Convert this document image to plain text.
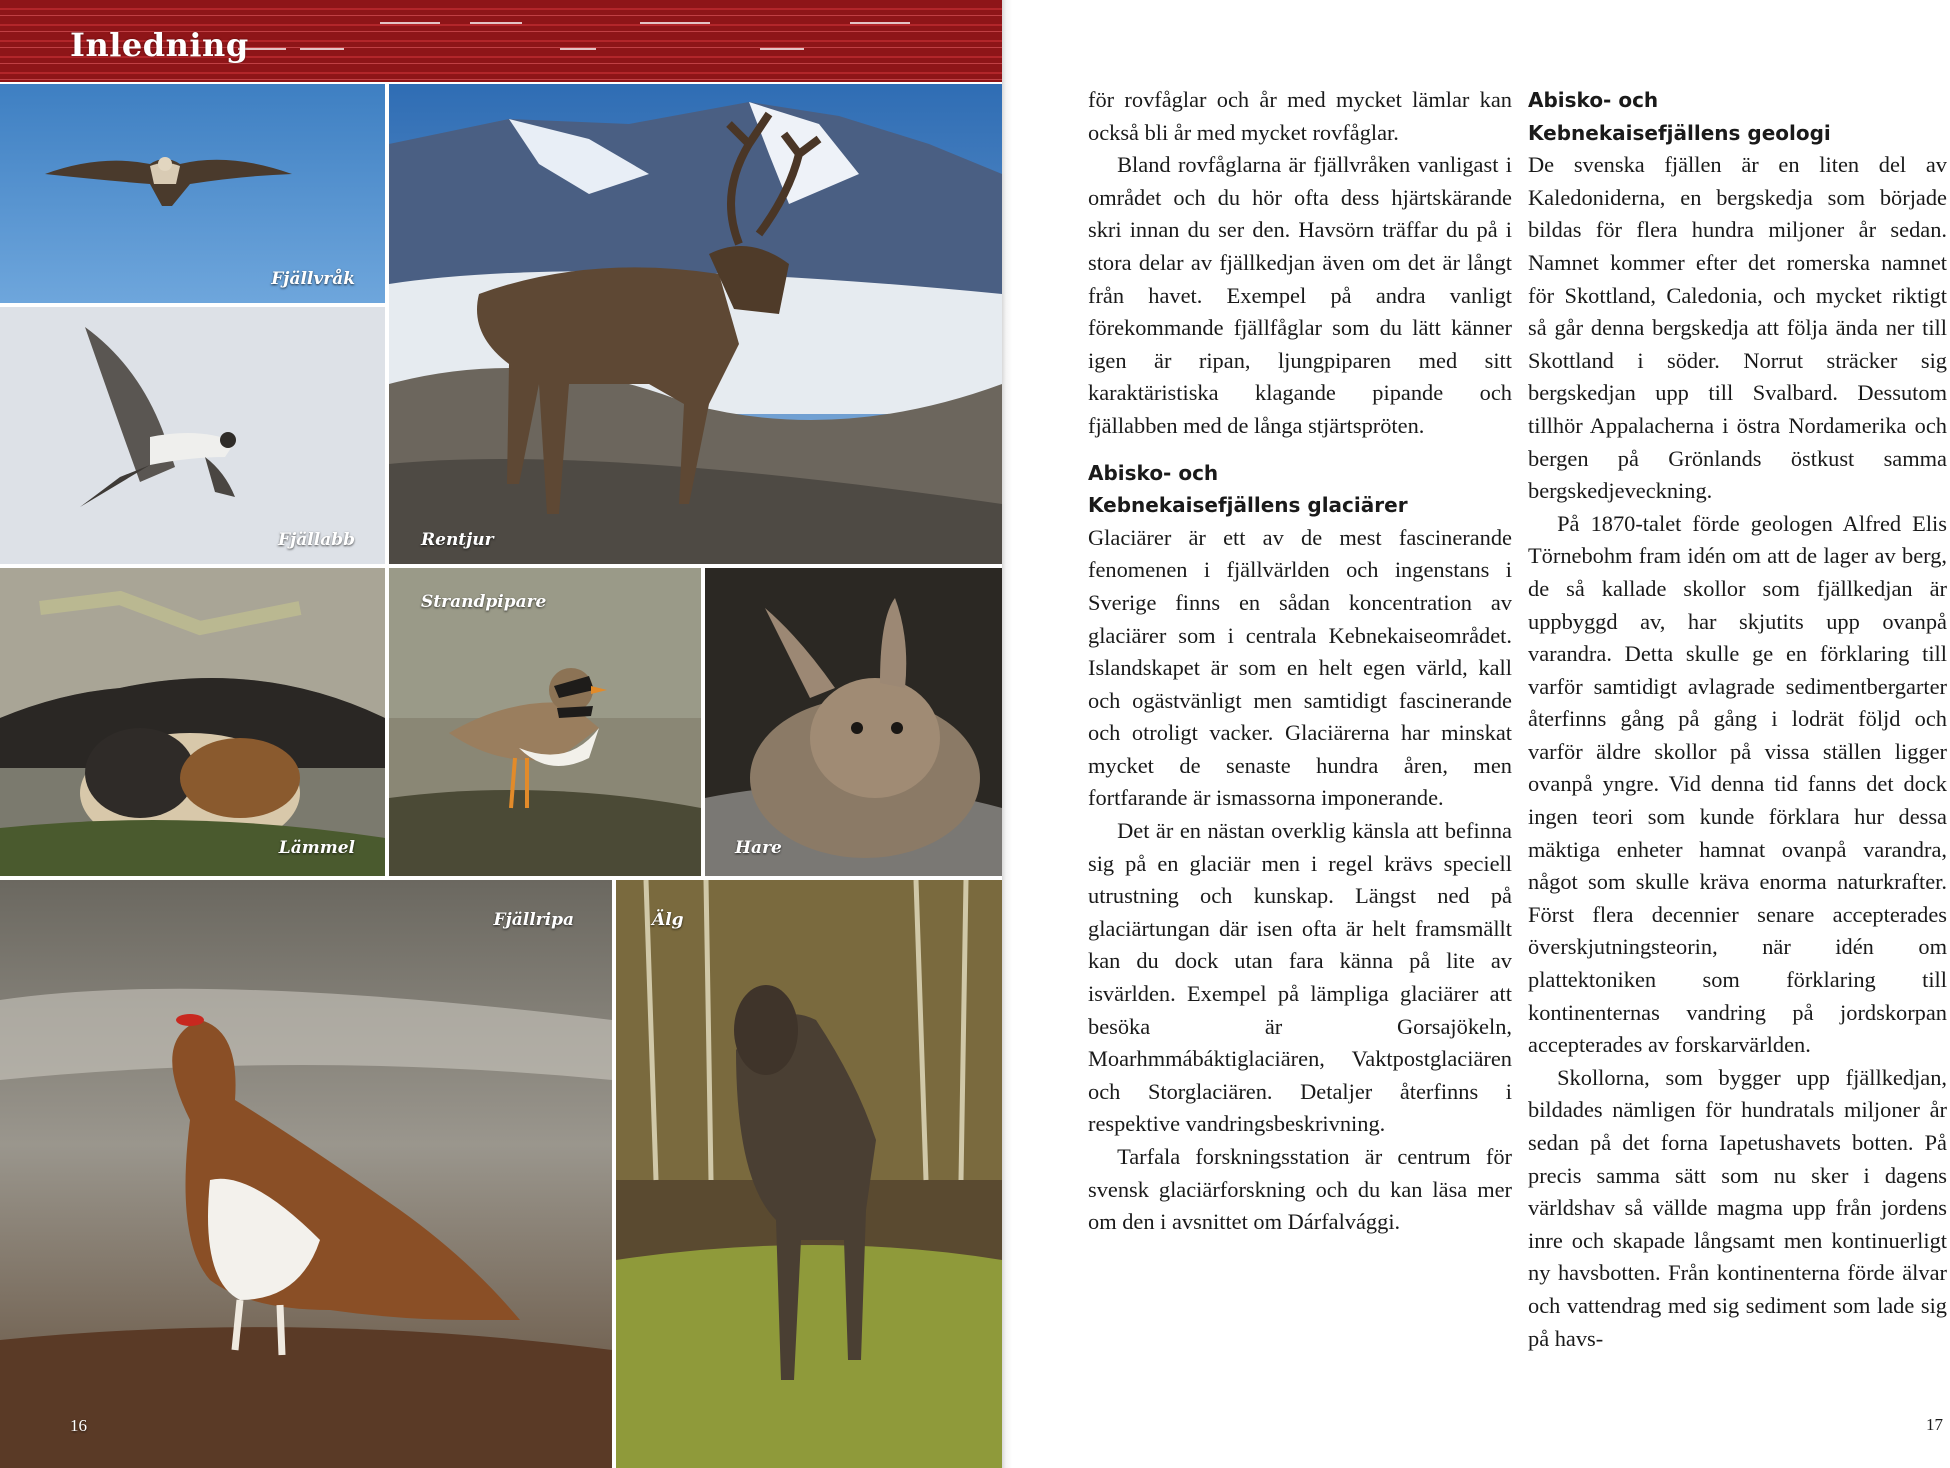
Inledning
Fjällvråk
Fjällabb	Rentjur
Lämmel
Strandpipare
Hare
Fjällripa	Älg
16

för rovfåglar och år med mycket lämlar kan också bli år med mycket rovfåglar.

Bland rovfåglarna är fjällvråken vanligast i området och du hör ofta dess hjärtskärande skri innan du ser den. Havsörn träffar du på i stora delar av fjällkedjan även om det är långt från havet. Exempel på andra vanligt förekommande fjällfåglar som du lätt känner igen är ripan, ljungpiparen med sitt karaktäristiska klagande pipande och fjällabben med de långa stjärtspröten.

Abisko- och
Kebnekaisefjällens glaciärer

Glaciärer är ett av de mest fascinerande fenomenen i fjällvärlden och ingenstans i Sverige finns en sådan koncentration av glaciärer som i centrala Kebnekaiseområdet. Islandskapet är som en helt egen värld, kall och ogästvänligt men samtidigt fascinerande och otroligt vacker. Glaciärerna har minskat mycket de senaste hundra åren, men fortfarande är ismassorna imponerande.

Det är en nästan overklig känsla att befinna sig på en glaciär men i regel krävs speciell utrustning och kunskap. Längst ned på glaciärtungan där isen ofta är helt framsmällt kan du dock utan fara känna på lite av isvärlden. Exempel på lämpliga glaciärer att besöka är Gorsajökeln, Moarhmmábáktiglaciären, Vaktpostglaciären och Storglaciären. Detaljer återfinns i respektive vandringsbeskrivning.

Tarfala forskningsstation är centrum för svensk glaciärforskning och du kan läsa mer om den i avsnittet om Dárfalvággi.

Abisko- och
Kebnekaisefjällens geologi

De svenska fjällen är en liten del av Kaledoniderna, en bergskedja som började bildas för flera hundra miljoner år sedan. Namnet kommer efter det romerska namnet för Skottland, Caledonia, och mycket riktigt så går denna bergskedja att följa ända ner till Skottland i söder. Norrut sträcker sig bergskedjan upp till Svalbard. Dessutom tillhör Appalacherna i östra Nordamerika och bergen på Grönlands östkust samma bergskedjeveckning.

På 1870-talet förde geologen Alfred Elis Törnebohm fram idén om att de lager av berg, de så kallade skollor som fjällkedjan är uppbyggd av, har skjutits upp ovanpå varandra. Detta skulle ge en förklaring till varför samtidigt avlagrade sedimentbergarter återfinns gång på gång i lodrät följd och varför äldre skollor på vissa ställen ligger ovanpå yngre. Vid denna tid fanns det dock ingen teori som kunde förklara hur dessa mäktiga enheter hamnat ovanpå varandra, något som skulle kräva enorma naturkrafter. Först flera decennier senare accepterades överskjutningsteorin, när idén om plattektoniken som förklaring till kontinenternas vandring på jordskorpan accepterades av forskarvärlden.

Skollorna, som bygger upp fjällkedjan, bildades nämligen för hundratals miljoner år sedan på det forna Iapetushavets botten. På precis samma sätt som nu sker i dagens världshav så vällde magma upp från jordens inre och skapade långsamt men kontinuerligt ny havsbotten. Från kontinenterna förde älvar och vattendrag med sig sediment som lade sig på havs-

17
